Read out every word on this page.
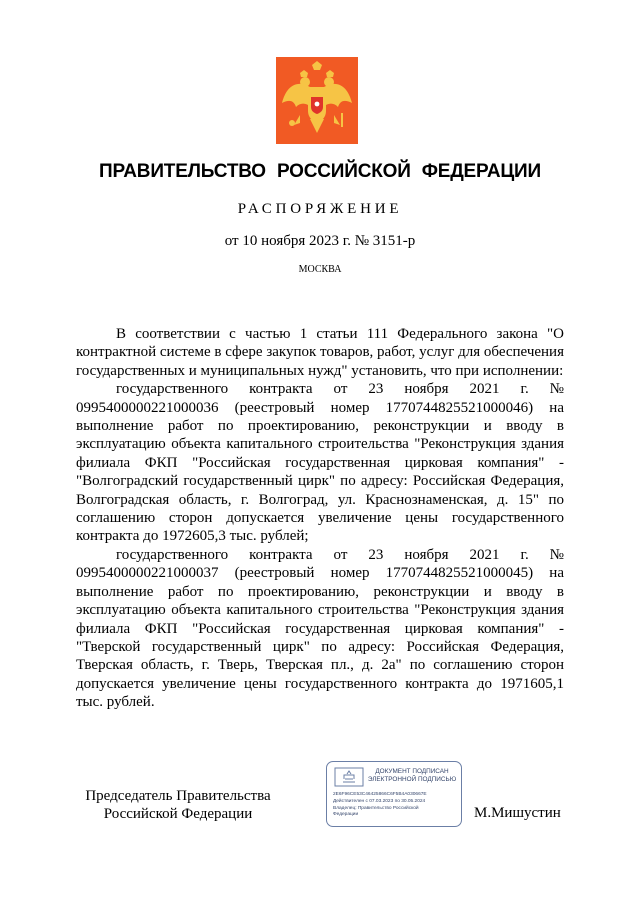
ПРАВИТЕЛЬСТВО РОССИЙСКОЙ ФЕДЕРАЦИИ
РАСПОРЯЖЕНИЕ
от 10 ноября 2023 г. № 3151-р
МОСКВА

В соответствии с частью 1 статьи 111 Федерального закона "О контрактной системе в сфере закупок товаров, работ, услуг для обеспечения государственных и муниципальных нужд" установить, что при исполнении:

государственного контракта от 23 ноября 2021 г. № 0995400000221000036 (реестровый номер 1770744825521000046) на выполнение работ по проектированию, реконструкции и вводу в эксплуатацию объекта капитального строительства "Реконструкция здания филиала ФКП "Российская государственная цирковая компания" - "Волгоградский государственный цирк" по адресу: Российская Федерация, Волгоградская область, г. Волгоград, ул. Краснознаменская, д. 15" по соглашению сторон допускается увеличение цены государственного контракта до 1972605,3 тыс. рублей;

государственного контракта от 23 ноября 2021 г. № 0995400000221000037 (реестровый номер 1770744825521000045) на выполнение работ по проектированию, реконструкции и вводу в эксплуатацию объекта капитального строительства "Реконструкция здания филиала ФКП "Российская государственная цирковая компания" - "Тверской государственный цирк" по адресу: Российская Федерация, Тверская область, г. Тверь, Тверская пл., д. 2а" по соглашению сторон допускается увеличение цены государственного контракта до 1971605,1 тыс. рублей.

Председатель Правительства
Российской Федерации
ДОКУМЕНТ ПОДПИСАН
ЭЛЕКТРОННОЙ ПОДПИСЬЮ
2E6F96CE53C46425866C6F5B4A030667E
Действителен с 07.03.2023 по 30.05.2024
Владелец: Правительство Российской
Федерации	М.Мишустин
